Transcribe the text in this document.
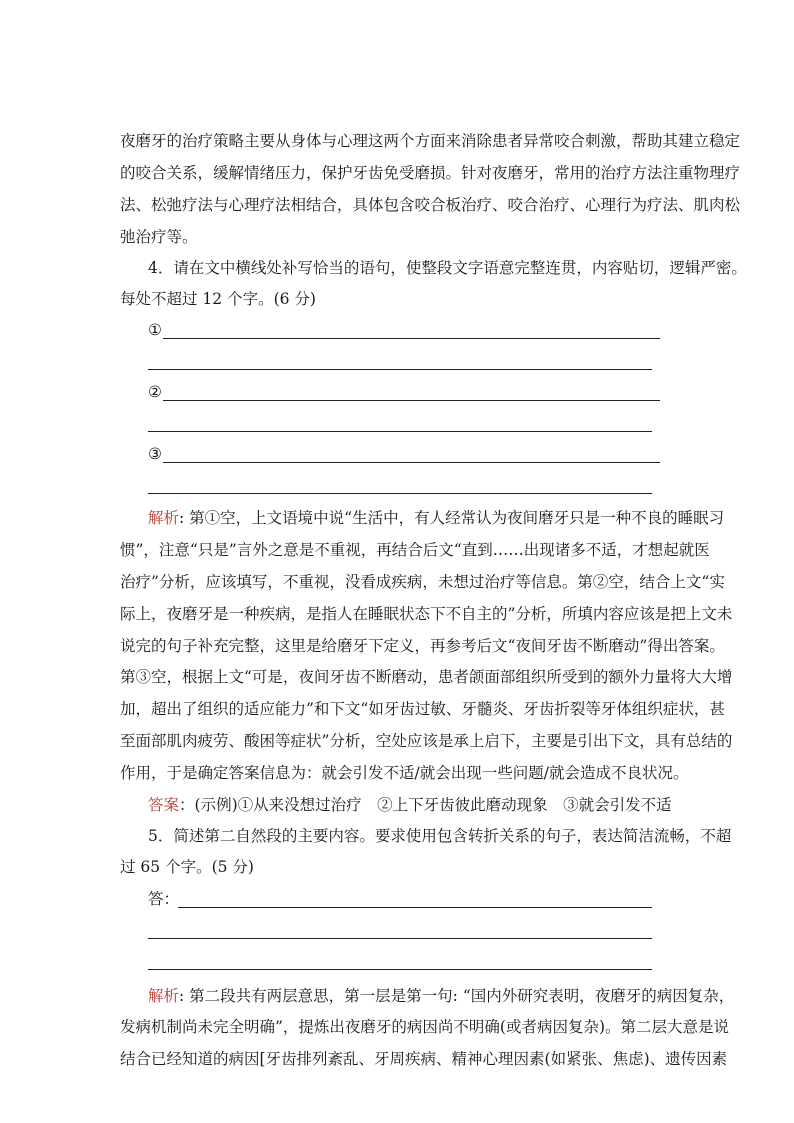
夜磨牙的治疗策略主要从身体与心理这两个方面来消除患者异常咬合刺激，帮助其建立稳定

的咬合关系，缓解情绪压力，保护牙齿免受磨损。针对夜磨牙，常用的治疗方法注重物理疗

法、松弛疗法与心理疗法相结合，具体包含咬合板治疗、咬合治疗、心理行为疗法、肌肉松

弛治疗等。

4．请在文中横线处补写恰当的语句，使整段文字语意完整连贯，内容贴切，逻辑严密。

每处不超过 12 个字。(6 分)

①
②
③

解析: 第①空，上文语境中说“生活中，有人经常认为夜间磨牙只是一种不良的睡眠习

惯”，注意“只是”言外之意是不重视，再结合后文“直到……出现诸多不适，才想起就医

治疗”分析，应该填写，不重视，没看成疾病，未想过治疗等信息。第②空，结合上文“实

际上，夜磨牙是一种疾病，是指人在睡眠状态下不自主的”分析，所填内容应该是把上文未

说完的句子补充完整，这里是给磨牙下定义，再参考后文“夜间牙齿不断磨动”得出答案。

第③空，根据上文“可是，夜间牙齿不断磨动，患者颌面部组织所受到的额外力量将大大增

加，超出了组织的适应能力”和下文“如牙齿过敏、牙髓炎、牙齿折裂等牙体组织症状，甚

至面部肌肉疲劳、酸困等症状”分析，空处应该是承上启下，主要是引出下文，具有总结的

作用，于是确定答案信息为：就会引发不适/就会出现一些问题/就会造成不良状况。

答案：(示例)①从来没想过治疗　②上下牙齿彼此磨动现象　③就会引发不适

5．简述第二自然段的主要内容。要求使用包含转折关系的句子，表达简洁流畅，不超

过 65 个字。(5 分)

答：

解析: 第二段共有两层意思，第一层是第一句: “国内外研究表明，夜磨牙的病因复杂，

发病机制尚未完全明确”，提炼出夜磨牙的病因尚不明确(或者病因复杂)。第二层大意是说

结合已经知道的病因[牙齿排列紊乱、牙周疾病、精神心理因素(如紧张、焦虑)、遗传因素
